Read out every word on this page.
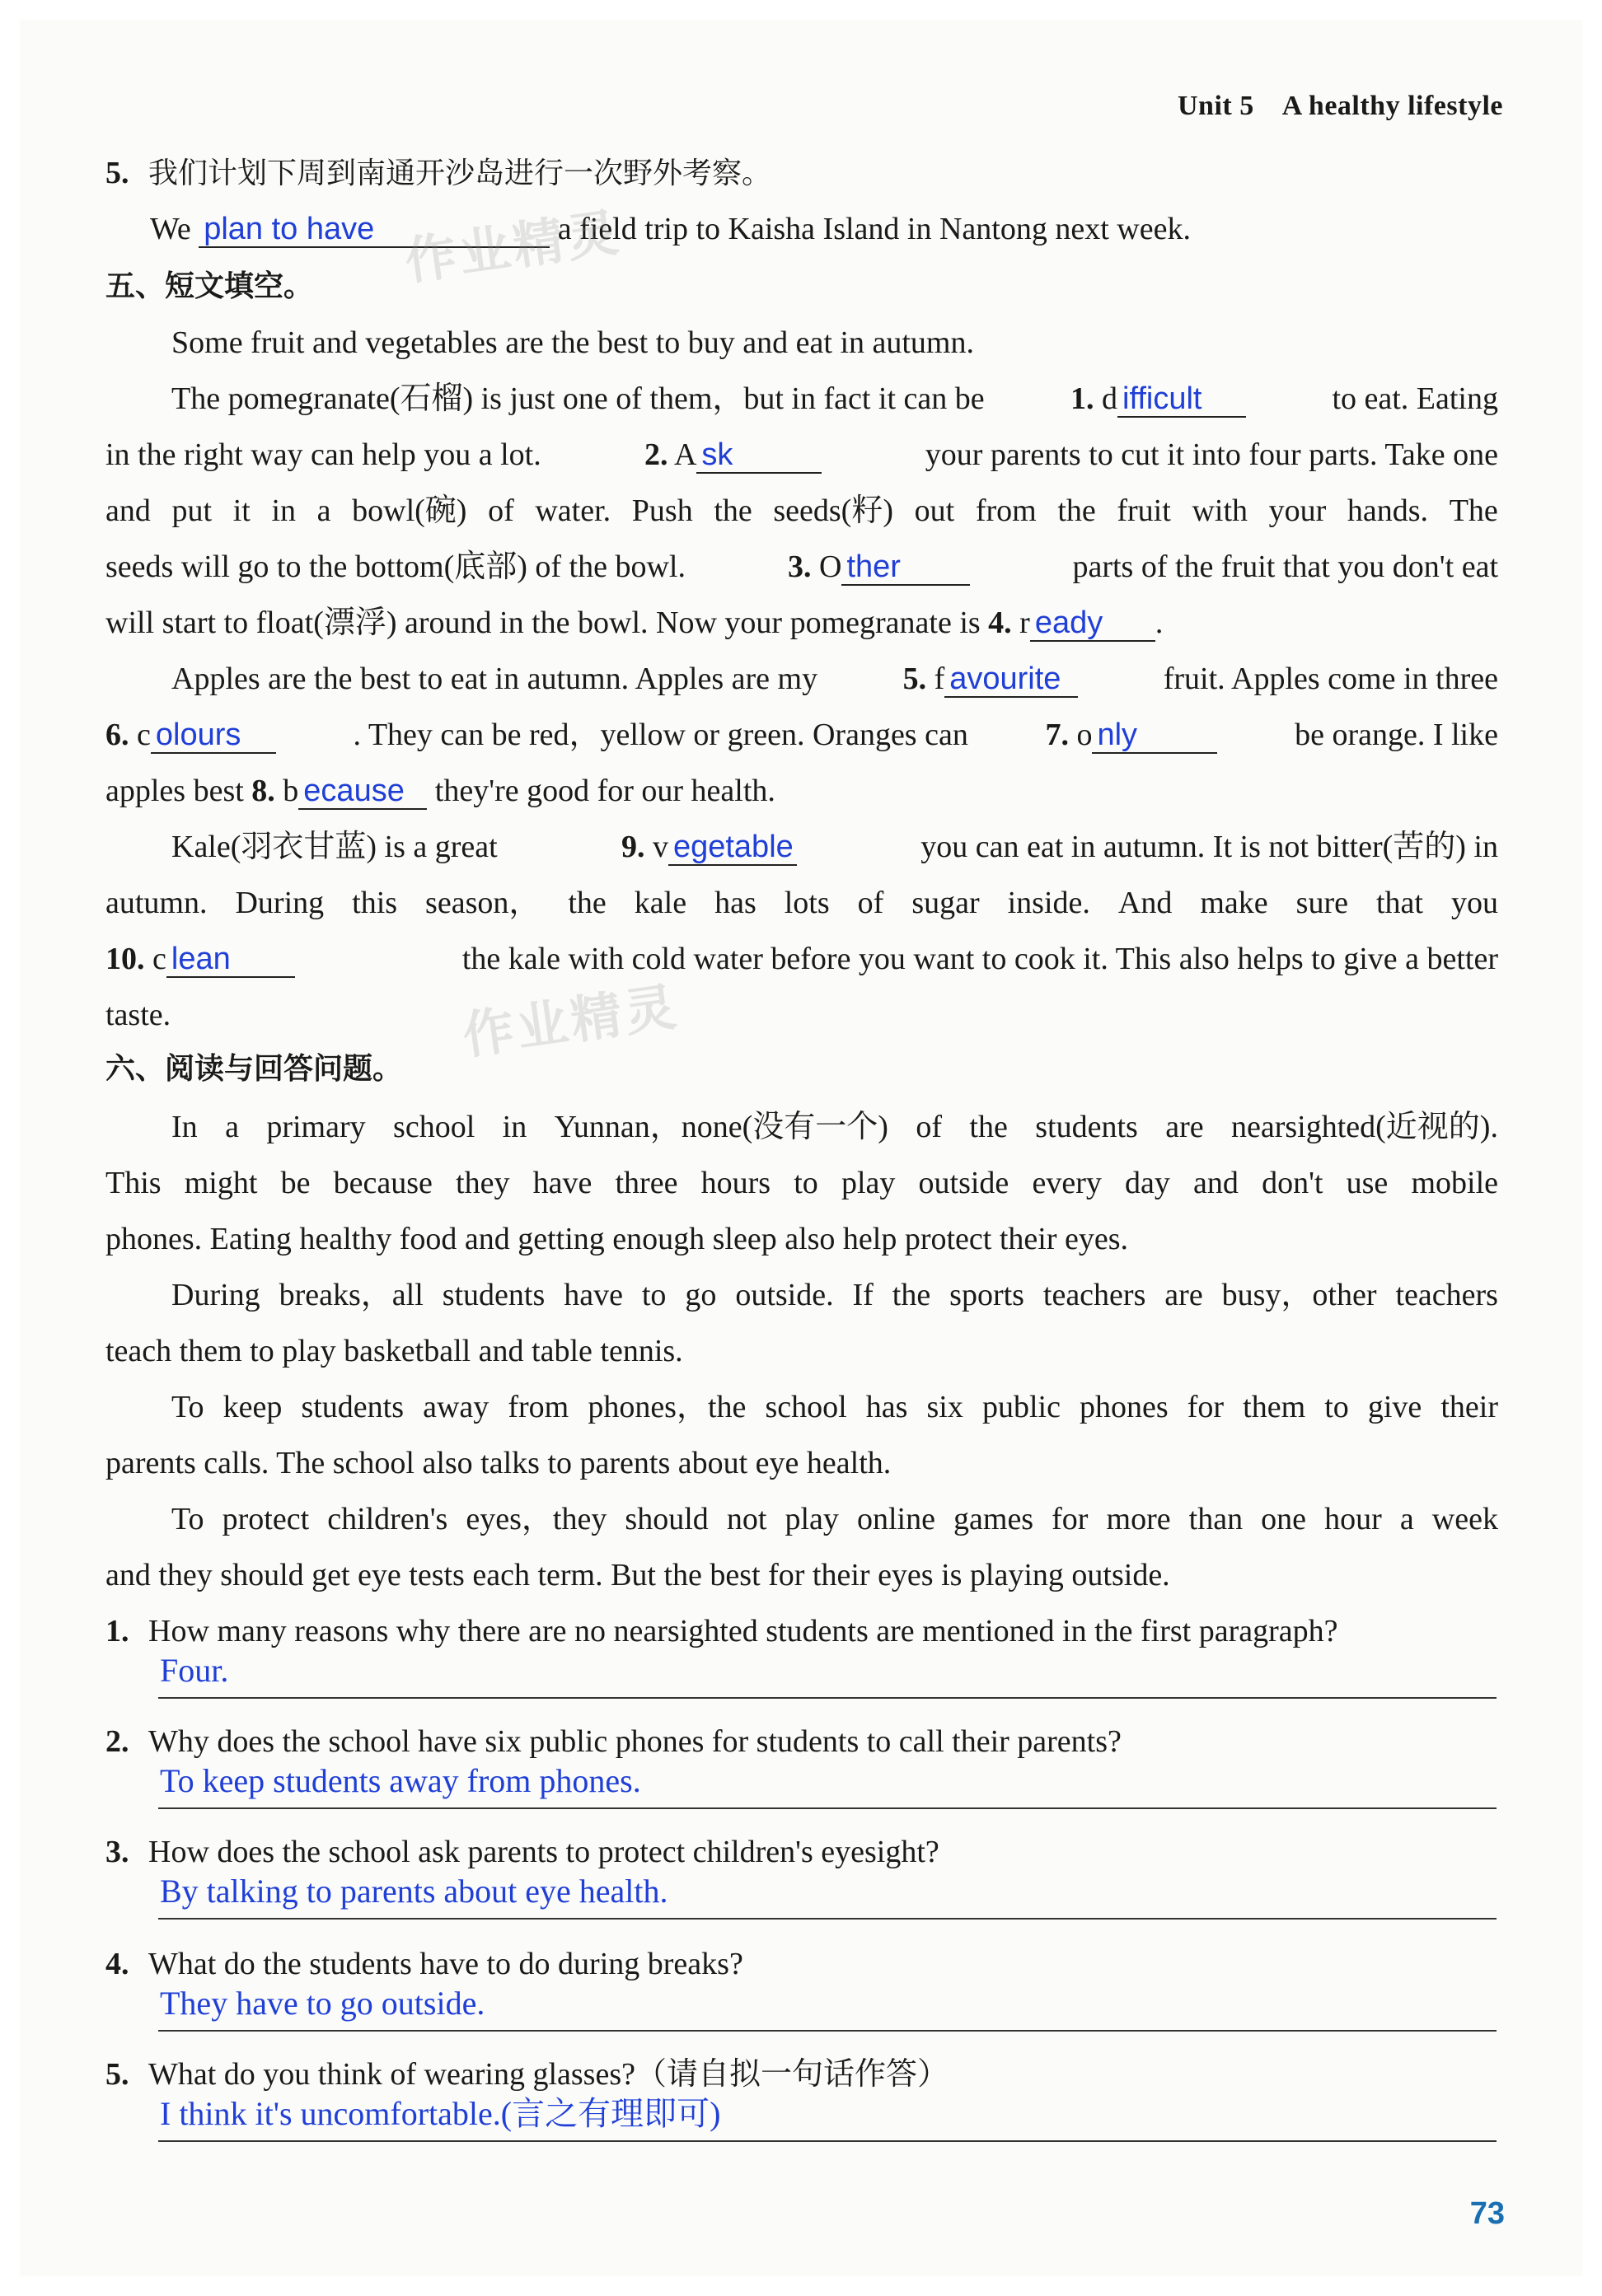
Unit 5 A healthy lifestyle
5. 我们计划下周到南通开沙岛进行一次野外考察。
We plan to have	a field trip to Kaisha Island in Nantong next week.
五、短文填空。
Some fruit and vegetables are the best to buy and eat in autumn.
The pomegranate(石榴) is just one of them，but in fact it can be	1. d ifficult	to eat. Eating
in the right way can help you a lot.	2. A sk	your parents to cut it into four parts. Take one
and put it in a bowl(碗) of water. Push the seeds(籽) out from the fruit with your hands. The
seeds will go to the bottom(底部) of the bowl.	3. O ther	parts of the fruit that you don't eat
will start to float(漂浮) around in the bowl. Now your pomegranate is 4. r eady .
Apples are the best to eat in autumn. Apples are my	5. f avourite	fruit. Apples come in three
6. c olours	. They can be red，yellow or green. Oranges can 7. o nly	be orange. I like
apples best 8. b ecause they're good for our health.
Kale(羽衣甘蓝) is a great	9. v egetable	you can eat in autumn. It is not bitter(苦的) in
autumn. During this season， the kale has lots of sugar inside. And make sure that you
10. c lean	the kale with cold water before you want to cook it. This also helps to give a better
taste.
六、阅读与回答问题。
In a primary school in Yunnan，none(没有一个) of the students are nearsighted(近视的).
This might be because they have three hours to play outside every day and don't use mobile
phones. Eating healthy food and getting enough sleep also help protect their eyes.
During breaks，all students have to go outside. If the sports teachers are busy，other teachers
teach them to play basketball and table tennis.
To keep students away from phones，the school has six public phones for them to give their
parents calls. The school also talks to parents about eye health.
To protect children's eyes，they should not play online games for more than one hour a week
and they should get eye tests each term. But the best for their eyes is playing outside.
1. How many reasons why there are no nearsighted students are mentioned in the first paragraph?
Four.
2. Why does the school have six public phones for students to call their parents?
To keep students away from phones.
3. How does the school ask parents to protect children's eyesight?
By talking to parents about eye health.
4. What do the students have to do during breaks?
They have to go outside.
5. What do you think of wearing glasses?（请自拟一句话作答）
I think it's uncomfortable.(言之有理即可)
作业精灵
作业精灵
73
